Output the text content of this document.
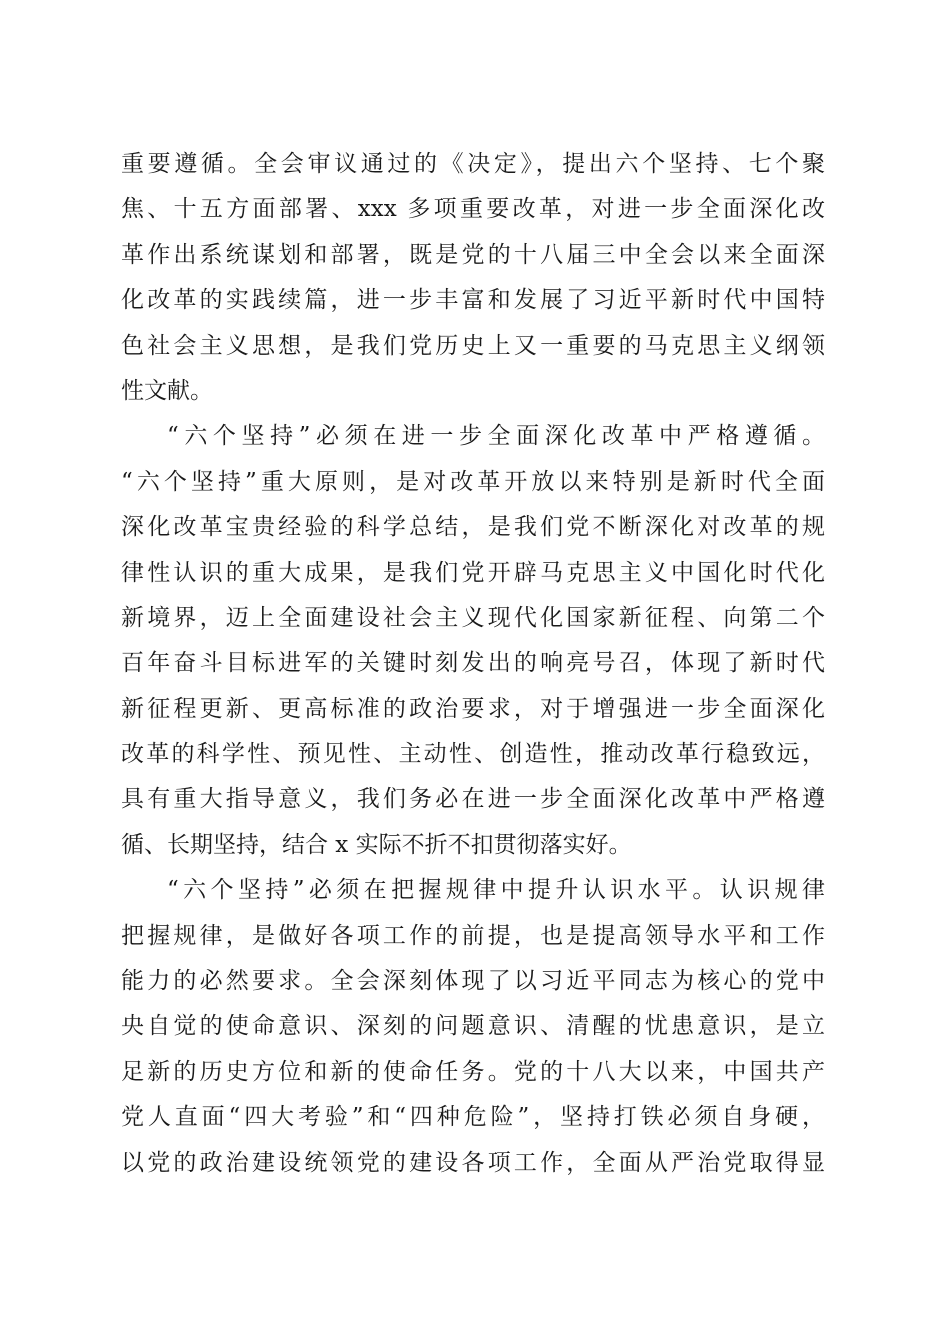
重要遵循。全会审议通过的《决定》，提出六个坚持、七个聚
焦、十五方面部署、xxx 多项重要改革，对进一步全面深化改
革作出系统谋划和部署，既是党的十八届三中全会以来全面深
化改革的实践续篇，进一步丰富和发展了习近平新时代中国特
色社会主义思想，是我们党历史上又一重要的马克思主义纲领
性文献。
“六个坚持”必须在进一步全面深化改革中严格遵循。
“六个坚持”重大原则，是对改革开放以来特别是新时代全面
深化改革宝贵经验的科学总结，是我们党不断深化对改革的规
律性认识的重大成果，是我们党开辟马克思主义中国化时代化
新境界，迈上全面建设社会主义现代化国家新征程、向第二个
百年奋斗目标进军的关键时刻发出的响亮号召，体现了新时代
新征程更新、更高标准的政治要求，对于增强进一步全面深化
改革的科学性、预见性、主动性、创造性，推动改革行稳致远，
具有重大指导意义，我们务必在进一步全面深化改革中严格遵
循、长期坚持，结合 x 实际不折不扣贯彻落实好。
“六个坚持”必须在把握规律中提升认识水平。认识规律
把握规律，是做好各项工作的前提，也是提高领导水平和工作
能力的必然要求。全会深刻体现了以习近平同志为核心的党中
央自觉的使命意识、深刻的问题意识、清醒的忧患意识，是立
足新的历史方位和新的使命任务。党的十八大以来，中国共产
党人直面“四大考验”和“四种危险”，坚持打铁必须自身硬，
以党的政治建设统领党的建设各项工作，全面从严治党取得显
